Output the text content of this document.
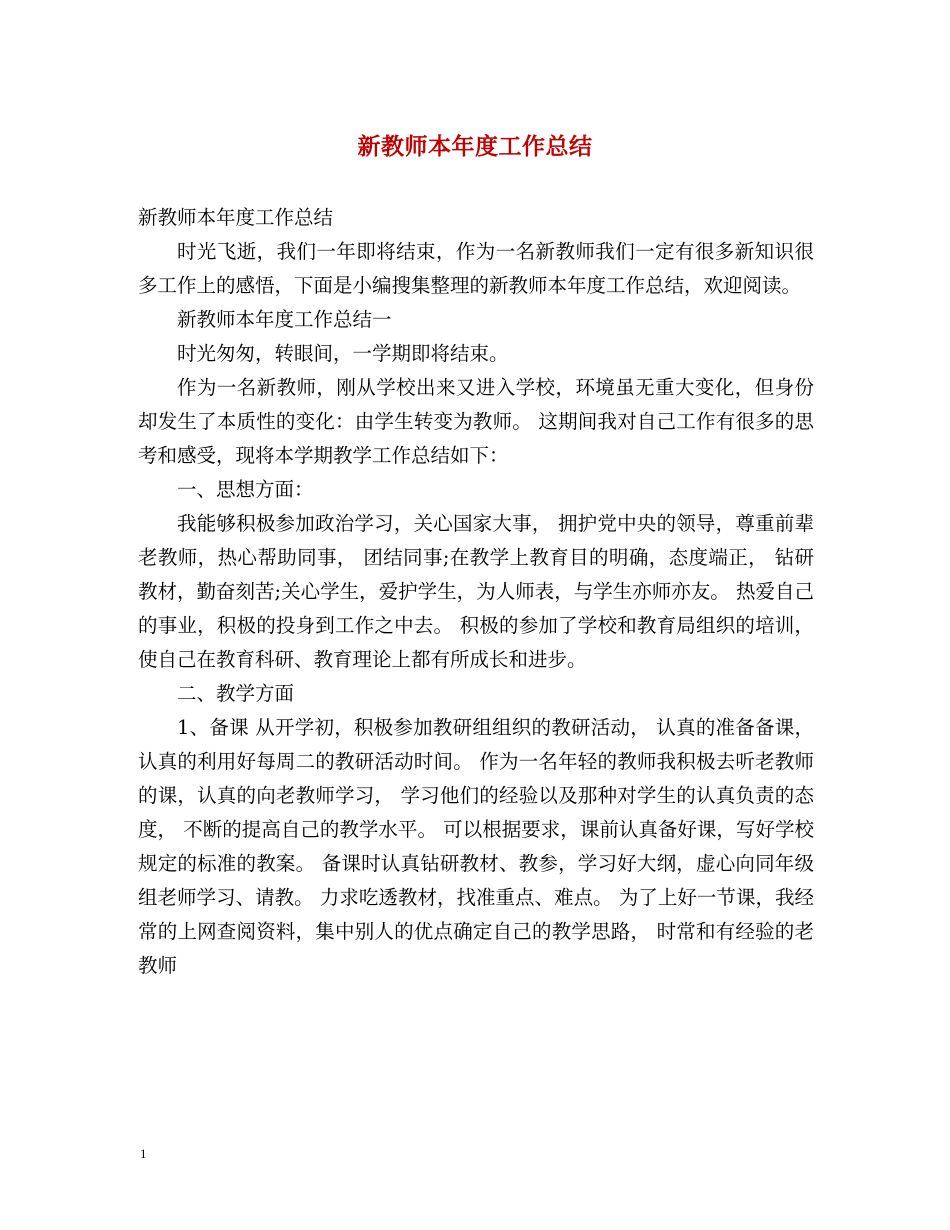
新教师本年度工作总结

新教师本年度工作总结

时光飞逝，我们一年即将结束，作为一名新教师我们一定有很多新知识很多工作上的感悟，下面是小编搜集整理的新教师本年度工作总结，欢迎阅读。

新教师本年度工作总结一

时光匆匆，转眼间，一学期即将结束。

作为一名新教师，刚从学校出来又进入学校，环境虽无重大变化，但身份却发生了本质性的变化：由学生转变为教师。 这期间我对自己工作有很多的思考和感受，现将本学期教学工作总结如下：

一、思想方面：

我能够积极参加政治学习，关心国家大事， 拥护党中央的领导，尊重前辈老教师，热心帮助同事， 团结同事;在教学上教育目的明确，态度端正， 钻研教材，勤奋刻苦;关心学生，爱护学生，为人师表，与学生亦师亦友。 热爱自己的事业，积极的投身到工作之中去。 积极的参加了学校和教育局组织的培训，使自己在教育科研、教育理论上都有所成长和进步。

二、教学方面

1、备课 从开学初，积极参加教研组组织的教研活动， 认真的准备备课，认真的利用好每周二的教研活动时间。 作为一名年轻的教师我积极去听老教师的课，认真的向老教师学习， 学习他们的经验以及那种对学生的认真负责的态度， 不断的提高自己的教学水平。 可以根据要求，课前认真备好课，写好学校规定的标准的教案。 备课时认真钻研教材、教参，学习好大纲，虚心向同年级组老师学习、请教。 力求吃透教材，找准重点、难点。 为了上好一节课，我经常的上网查阅资料，集中别人的优点确定自己的教学思路， 时常和有经验的老教师

1
